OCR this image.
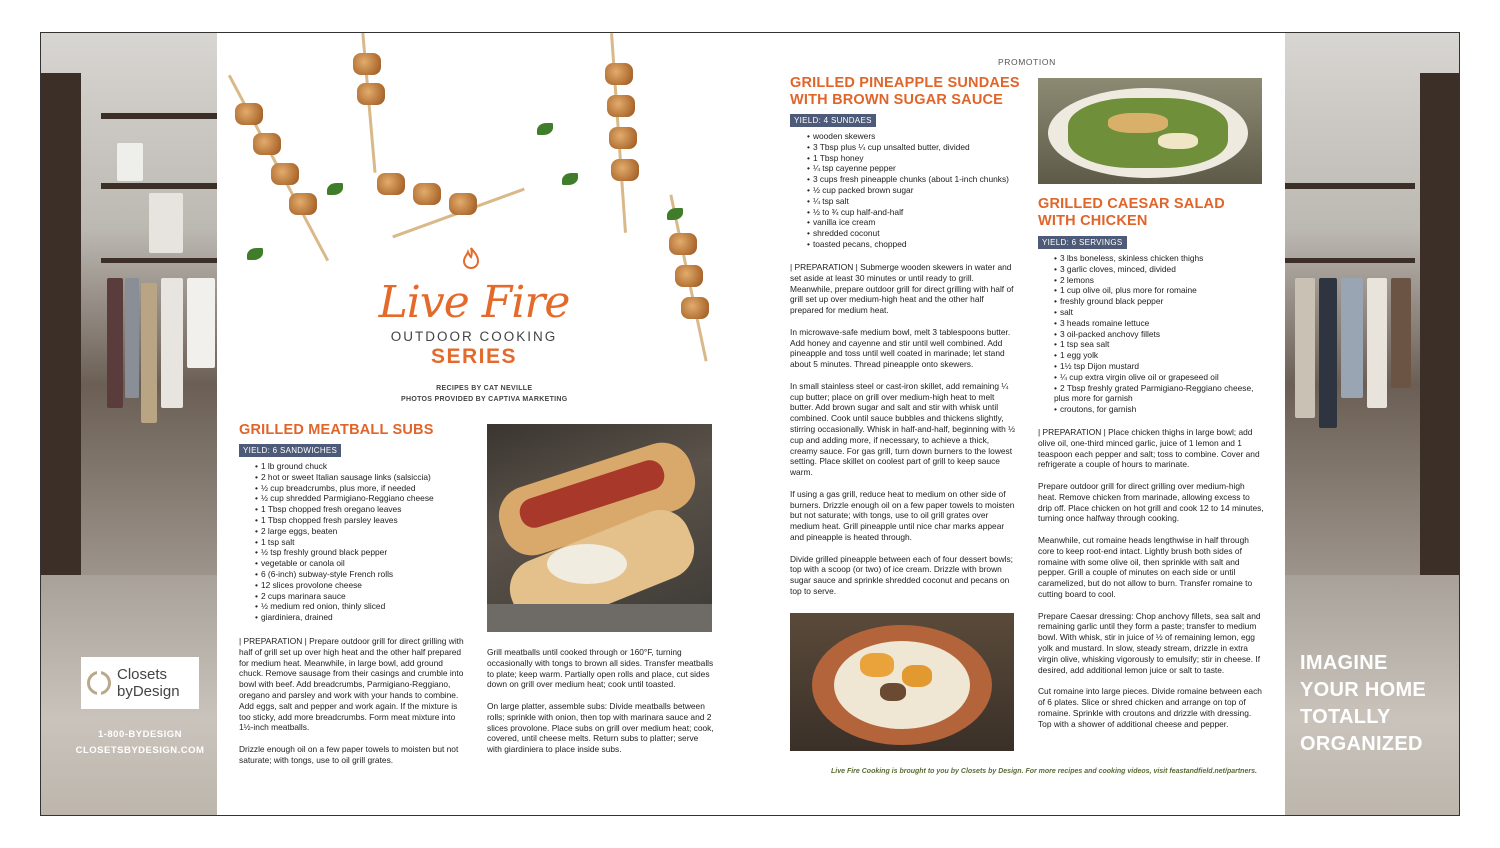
Closets
byDesign
1-800-BYDESIGN
CLOSETSBYDESIGN.COM
Live Fire
OUTDOOR COOKING
SERIES
RECIPES BY CAT NEVILLE
PHOTOS PROVIDED BY CAPTIVA MARKETING
GRILLED MEATBALL SUBS
YIELD: 6 SANDWICHES
• 1 lb ground chuck
• 2 hot or sweet Italian sausage links (salsiccia)
• ½ cup breadcrumbs, plus more, if needed
• ½ cup shredded Parmigiano-Reggiano cheese
• 1 Tbsp chopped fresh oregano leaves
• 1 Tbsp chopped fresh parsley leaves
• 2 large eggs, beaten
• 1 tsp salt
• ½ tsp freshly ground black pepper
• vegetable or canola oil
• 6 (6-inch) subway-style French rolls
• 12 slices provolone cheese
• 2 cups marinara sauce
• ½ medium red onion, thinly sliced
• giardiniera, drained

| PREPARATION | Prepare outdoor grill for direct grilling with half of grill set up over high heat and the other half prepared for medium heat. Meanwhile, in large bowl, add ground chuck. Remove sausage from their casings and crumble into bowl with beef. Add breadcrumbs, Parmigiano-Reggiano, oregano and parsley and work with your hands to combine. Add eggs, salt and pepper and work again. If the mixture is too sticky, add more breadcrumbs. Form meat mixture into 1½-inch meatballs.

Drizzle enough oil on a few paper towels to moisten but not saturate; with tongs, use to oil grill grates.

Grill meatballs until cooked through or 160°F, turning occasionally with tongs to brown all sides. Transfer meatballs to plate; keep warm. Partially open rolls and place, cut sides down on grill over medium heat; cook until toasted.

On large platter, assemble subs: Divide meatballs between rolls; sprinkle with onion, then top with marinara sauce and 2 slices provolone. Place subs on grill over medium heat; cook, covered, until cheese melts. Return subs to platter; serve with giardiniera to place inside subs.

PROMOTION
GRILLED PINEAPPLE SUNDAES
WITH BROWN SUGAR SAUCE
YIELD: 4 SUNDAES
• wooden skewers
• 3 Tbsp plus ¼ cup unsalted butter, divided
• 1 Tbsp honey
• ¼ tsp cayenne pepper
• 3 cups fresh pineapple chunks (about 1-inch chunks)
• ½ cup packed brown sugar
• ¼ tsp salt
• ½ to ¾ cup half-and-half
• vanilla ice cream
• shredded coconut
• toasted pecans, chopped

| PREPARATION | Submerge wooden skewers in water and set aside at least 30 minutes or until ready to grill. Meanwhile, prepare outdoor grill for direct grilling with half of grill set up over medium-high heat and the other half prepared for medium heat.

In microwave-safe medium bowl, melt 3 tablespoons butter. Add honey and cayenne and stir until well combined. Add pineapple and toss until well coated in marinade; let stand about 5 minutes. Thread pineapple onto skewers.

In small stainless steel or cast-iron skillet, add remaining ¼ cup butter; place on grill over medium-high heat to melt butter. Add brown sugar and salt and stir with whisk until combined. Cook until sauce bubbles and thickens slightly, stirring occasionally. Whisk in half-and-half, beginning with ½ cup and adding more, if necessary, to achieve a thick, creamy sauce. For gas grill, turn down burners to the lowest setting. Place skillet on coolest part of grill to keep sauce warm.

If using a gas grill, reduce heat to medium on other side of burners. Drizzle enough oil on a few paper towels to moisten but not saturate; with tongs, use to oil grill grates over medium heat. Grill pineapple until nice char marks appear and pineapple is heated through.

Divide grilled pineapple between each of four dessert bowls; top with a scoop (or two) of ice cream. Drizzle with brown sugar sauce and sprinkle shredded coconut and pecans on top to serve.

GRILLED CAESAR SALAD
WITH CHICKEN
YIELD: 6 SERVINGS
• 3 lbs boneless, skinless chicken thighs
• 3 garlic cloves, minced, divided
• 2 lemons
• 1 cup olive oil, plus more for romaine
• freshly ground black pepper
• salt
• 3 heads romaine lettuce
• 3 oil-packed anchovy fillets
• 1 tsp sea salt
• 1 egg yolk
• 1½ tsp Dijon mustard
• ¼ cup extra virgin olive oil or grapeseed oil
• 2 Tbsp freshly grated Parmigiano-Reggiano cheese, plus more for garnish
• croutons, for garnish

| PREPARATION | Place chicken thighs in large bowl; add olive oil, one-third minced garlic, juice of 1 lemon and 1 teaspoon each pepper and salt; toss to combine. Cover and refrigerate a couple of hours to marinate.

Prepare outdoor grill for direct grilling over medium-high heat. Remove chicken from marinade, allowing excess to drip off. Place chicken on hot grill and cook 12 to 14 minutes, turning once halfway through cooking.

Meanwhile, cut romaine heads lengthwise in half through core to keep root-end intact. Lightly brush both sides of romaine with some olive oil, then sprinkle with salt and pepper. Grill a couple of minutes on each side or until caramelized, but do not allow to burn. Transfer romaine to cutting board to cool.

Prepare Caesar dressing: Chop anchovy fillets, sea salt and remaining garlic until they form a paste; transfer to medium bowl. With whisk, stir in juice of ½ of remaining lemon, egg yolk and mustard. In slow, steady stream, drizzle in extra virgin olive, whisking vigorously to emulsify; stir in cheese. If desired, add additional lemon juice or salt to taste.

Cut romaine into large pieces. Divide romaine between each of 6 plates. Slice or shred chicken and arrange on top of romaine. Sprinkle with croutons and drizzle with dressing. Top with a shower of additional cheese and pepper.

Live Fire Cooking is brought to you by Closets by Design. For more recipes and cooking videos, visit feastandfield.net/partners.
IMAGINE
YOUR HOME
TOTALLY
ORGANIZED
